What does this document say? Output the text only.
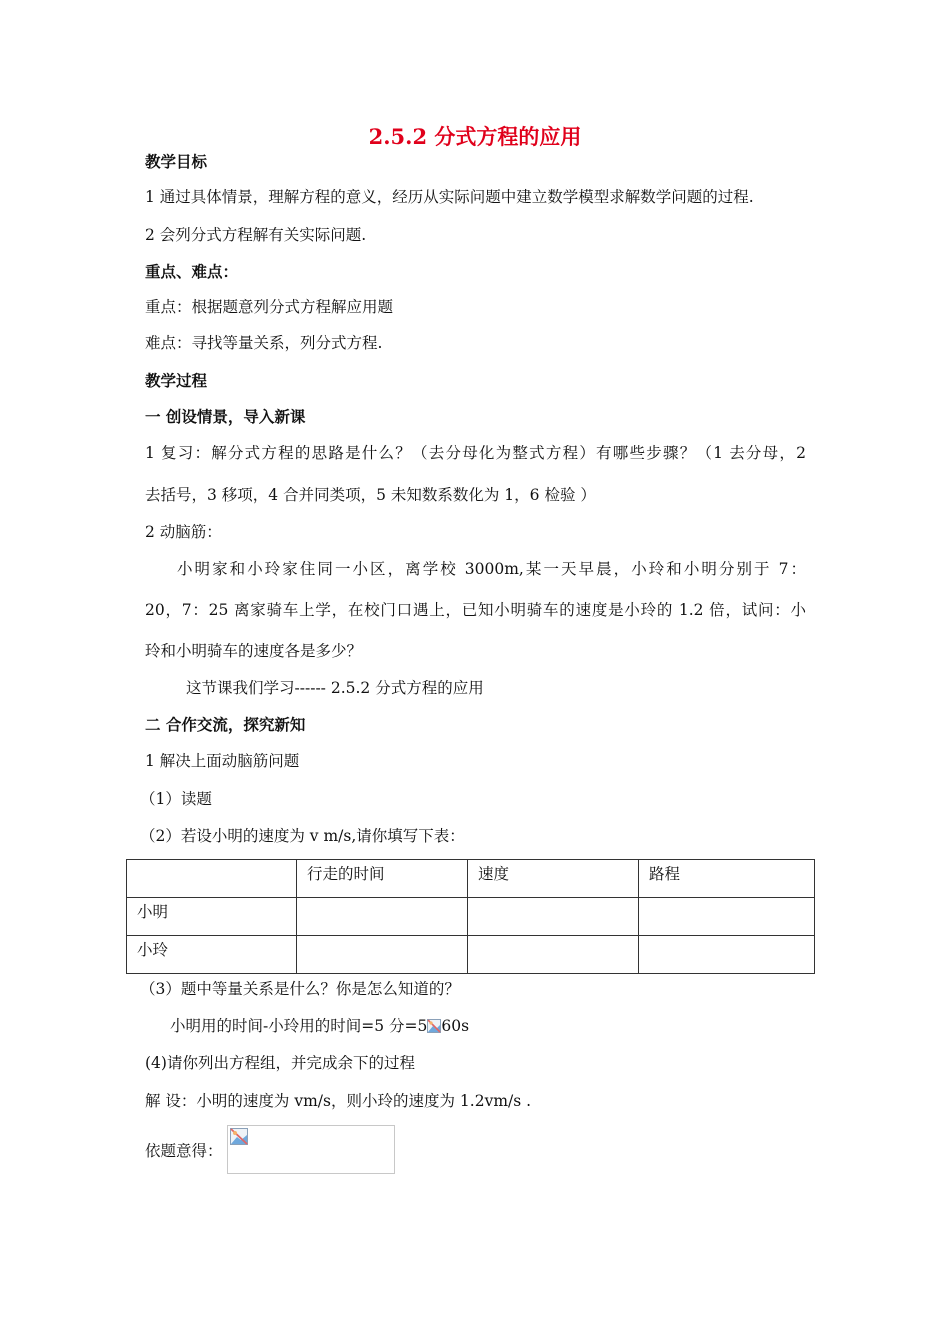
2.5.2 分式方程的应用
教学目标
1 通过具体情景，理解方程的意义，经历从实际问题中建立数学模型求解数学问题的过程.
2 会列分式方程解有关实际问题.
重点、难点：
重点：根据题意列分式方程解应用题
难点：寻找等量关系，列分式方程.
教学过程
一 创设情景，导入新课
1 复习：解分式方程的思路是什么？（去分母化为整式方程）有哪些步骤？（1 去分母，2
去括号，3 移项，4 合并同类项，5 未知数系数化为 1，6 检验 ）
2 动脑筋：
小明家和小玲家住同一小区，离学校 3000m,某一天早晨，小玲和小明分别于 7：
20，7：25 离家骑车上学，在校门口遇上，已知小明骑车的速度是小玲的 1.2 倍，试问：小
玲和小明骑车的速度各是多少？
这节课我们学习------ 2.5.2 分式方程的应用
二 合作交流，探究新知
1 解决上面动脑筋问题
（1）读题
（2）若设小明的速度为 v m/s,请你填写下表：
	行走的时间	速度	路程
小明			
小玲			
（3）题中等量关系是什么？你是怎么知道的？
小明用的时间-小玲用的时间=5 分=5 60s
(4)请你列出方程组，并完成余下的过程
解 设：小明的速度为 vm/s，则小玲的速度为 1.2vm/s .
依题意得：
